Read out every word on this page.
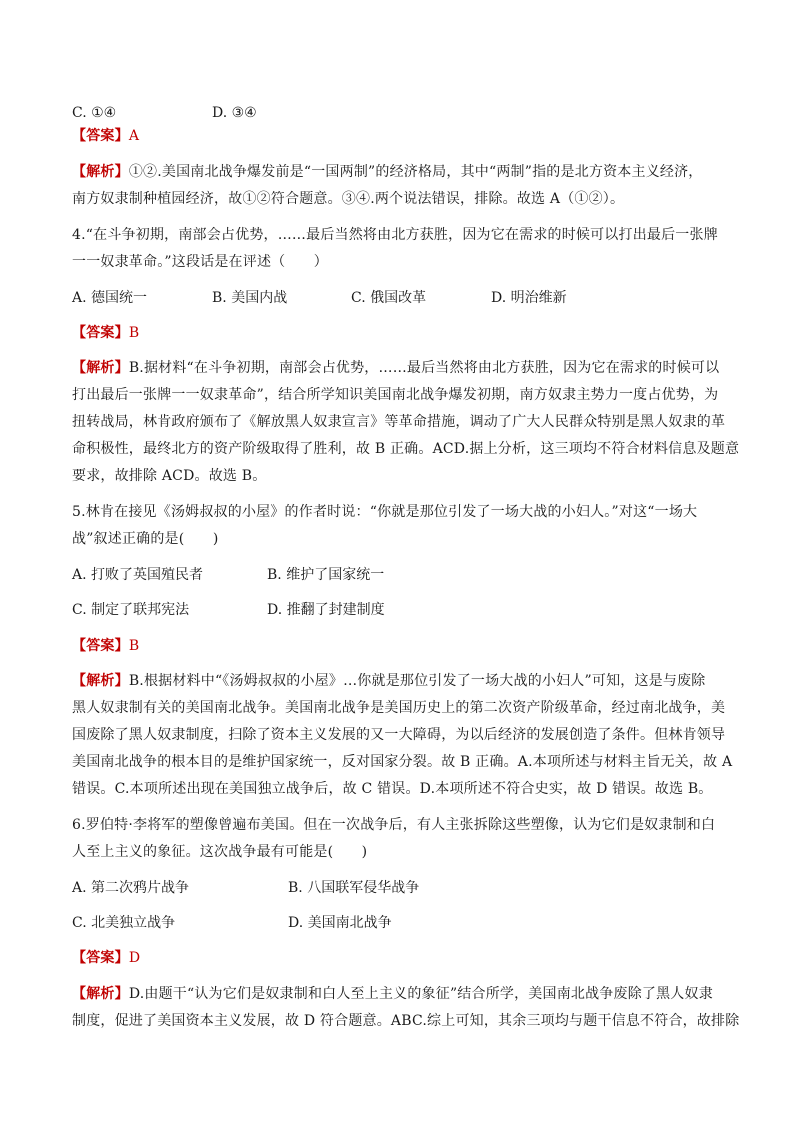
C. ①④	D. ③④
【答案】A
【解析】①②.美国南北战争爆发前是“一国两制”的经济格局，其中“两制”指的是北方资本主义经济，
南方奴隶制种植园经济，故①②符合题意。③④.两个说法错误，排除。故选 A（①②）。
4.“在斗争初期，南部会占优势，……最后当然将由北方获胜，因为它在需求的时候可以打出最后一张牌
一一奴隶革命。”这段话是在评述（　　）
A. 德国统一	B. 美国内战	C. 俄国改革	D. 明治维新
【答案】B
【解析】B.据材料“在斗争初期，南部会占优势，……最后当然将由北方获胜，因为它在需求的时候可以
打出最后一张牌一一奴隶革命”，结合所学知识美国南北战争爆发初期，南方奴隶主势力一度占优势，为
扭转战局，林肯政府颁布了《解放黑人奴隶宣言》等革命措施，调动了广大人民群众特别是黑人奴隶的革
命积极性，最终北方的资产阶级取得了胜利，故 B 正确。ACD.据上分析，这三项均不符合材料信息及题意
要求，故排除 ACD。故选 B。
5.林肯在接见《汤姆叔叔的小屋》的作者时说：“你就是那位引发了一场大战的小妇人。”对这“一场大
战”叙述正确的是(　　)
A. 打败了英国殖民者	B. 维护了国家统一
C. 制定了联邦宪法	D. 推翻了封建制度
【答案】B
【解析】B.根据材料中“《汤姆叔叔的小屋》…你就是那位引发了一场大战的小妇人”可知，这是与废除
黑人奴隶制有关的美国南北战争。美国南北战争是美国历史上的第二次资产阶级革命，经过南北战争，美
国废除了黑人奴隶制度，扫除了资本主义发展的又一大障碍，为以后经济的发展创造了条件。但林肯领导
美国南北战争的根本目的是维护国家统一，反对国家分裂。故 B 正确。A.本项所述与材料主旨无关，故 A
错误。C.本项所述出现在美国独立战争后，故 C 错误。D.本项所述不符合史实，故 D 错误。故选 B。
6.罗伯特·李将军的塑像曾遍布美国。但在一次战争后，有人主张拆除这些塑像，认为它们是奴隶制和白
人至上主义的象征。这次战争最有可能是(　　)
A. 第二次鸦片战争	B. 八国联军侵华战争
C. 北美独立战争	D. 美国南北战争
【答案】D
【解析】D.由题干“认为它们是奴隶制和白人至上主义的象征”结合所学，美国南北战争废除了黑人奴隶
制度，促进了美国资本主义发展，故 D 符合题意。ABC.综上可知，其余三项均与题干信息不符合，故排除
